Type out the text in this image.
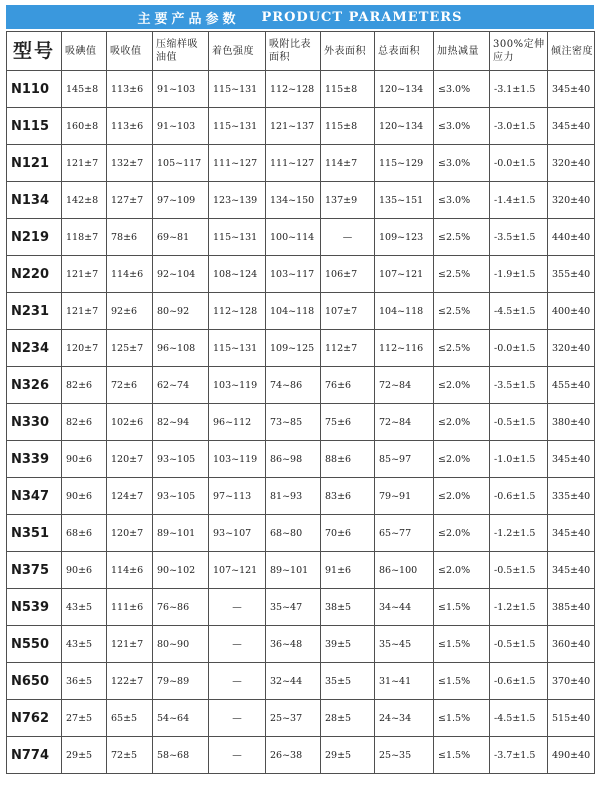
主要产品参数 PRODUCT PARAMETERS
型号	吸碘值	吸收值	压缩样吸油值	着色强度	吸附比表面积	外表面积	总表面积	加热减量	300%定伸应力	倾注密度
N110	145±8	113±6	91~103	115~131	112~128	115±8	120~134	≤3.0%	-3.1±1.5	345±40
N115	160±8	113±6	91~103	115~131	121~137	115±8	120~134	≤3.0%	-3.0±1.5	345±40
N121	121±7	132±7	105~117	111~127	111~127	114±7	115~129	≤3.0%	-0.0±1.5	320±40
N134	142±8	127±7	97~109	123~139	134~150	137±9	135~151	≤3.0%	-1.4±1.5	320±40
N219	118±7	78±6	69~81	115~131	100~114	—	109~123	≤2.5%	-3.5±1.5	440±40
N220	121±7	114±6	92~104	108~124	103~117	106±7	107~121	≤2.5%	-1.9±1.5	355±40
N231	121±7	92±6	80~92	112~128	104~118	107±7	104~118	≤2.5%	-4.5±1.5	400±40
N234	120±7	125±7	96~108	115~131	109~125	112±7	112~116	≤2.5%	-0.0±1.5	320±40
N326	82±6	72±6	62~74	103~119	74~86	76±6	72~84	≤2.0%	-3.5±1.5	455±40
N330	82±6	102±6	82~94	96~112	73~85	75±6	72~84	≤2.0%	-0.5±1.5	380±40
N339	90±6	120±7	93~105	103~119	86~98	88±6	85~97	≤2.0%	-1.0±1.5	345±40
N347	90±6	124±7	93~105	97~113	81~93	83±6	79~91	≤2.0%	-0.6±1.5	335±40
N351	68±6	120±7	89~101	93~107	68~80	70±6	65~77	≤2.0%	-1.2±1.5	345±40
N375	90±6	114±6	90~102	107~121	89~101	91±6	86~100	≤2.0%	-0.5±1.5	345±40
N539	43±5	111±6	76~86	—	35~47	38±5	34~44	≤1.5%	-1.2±1.5	385±40
N550	43±5	121±7	80~90	—	36~48	39±5	35~45	≤1.5%	-0.5±1.5	360±40
N650	36±5	122±7	79~89	—	32~44	35±5	31~41	≤1.5%	-0.6±1.5	370±40
N762	27±5	65±5	54~64	—	25~37	28±5	24~34	≤1.5%	-4.5±1.5	515±40
N774	29±5	72±5	58~68	—	26~38	29±5	25~35	≤1.5%	-3.7±1.5	490±40
